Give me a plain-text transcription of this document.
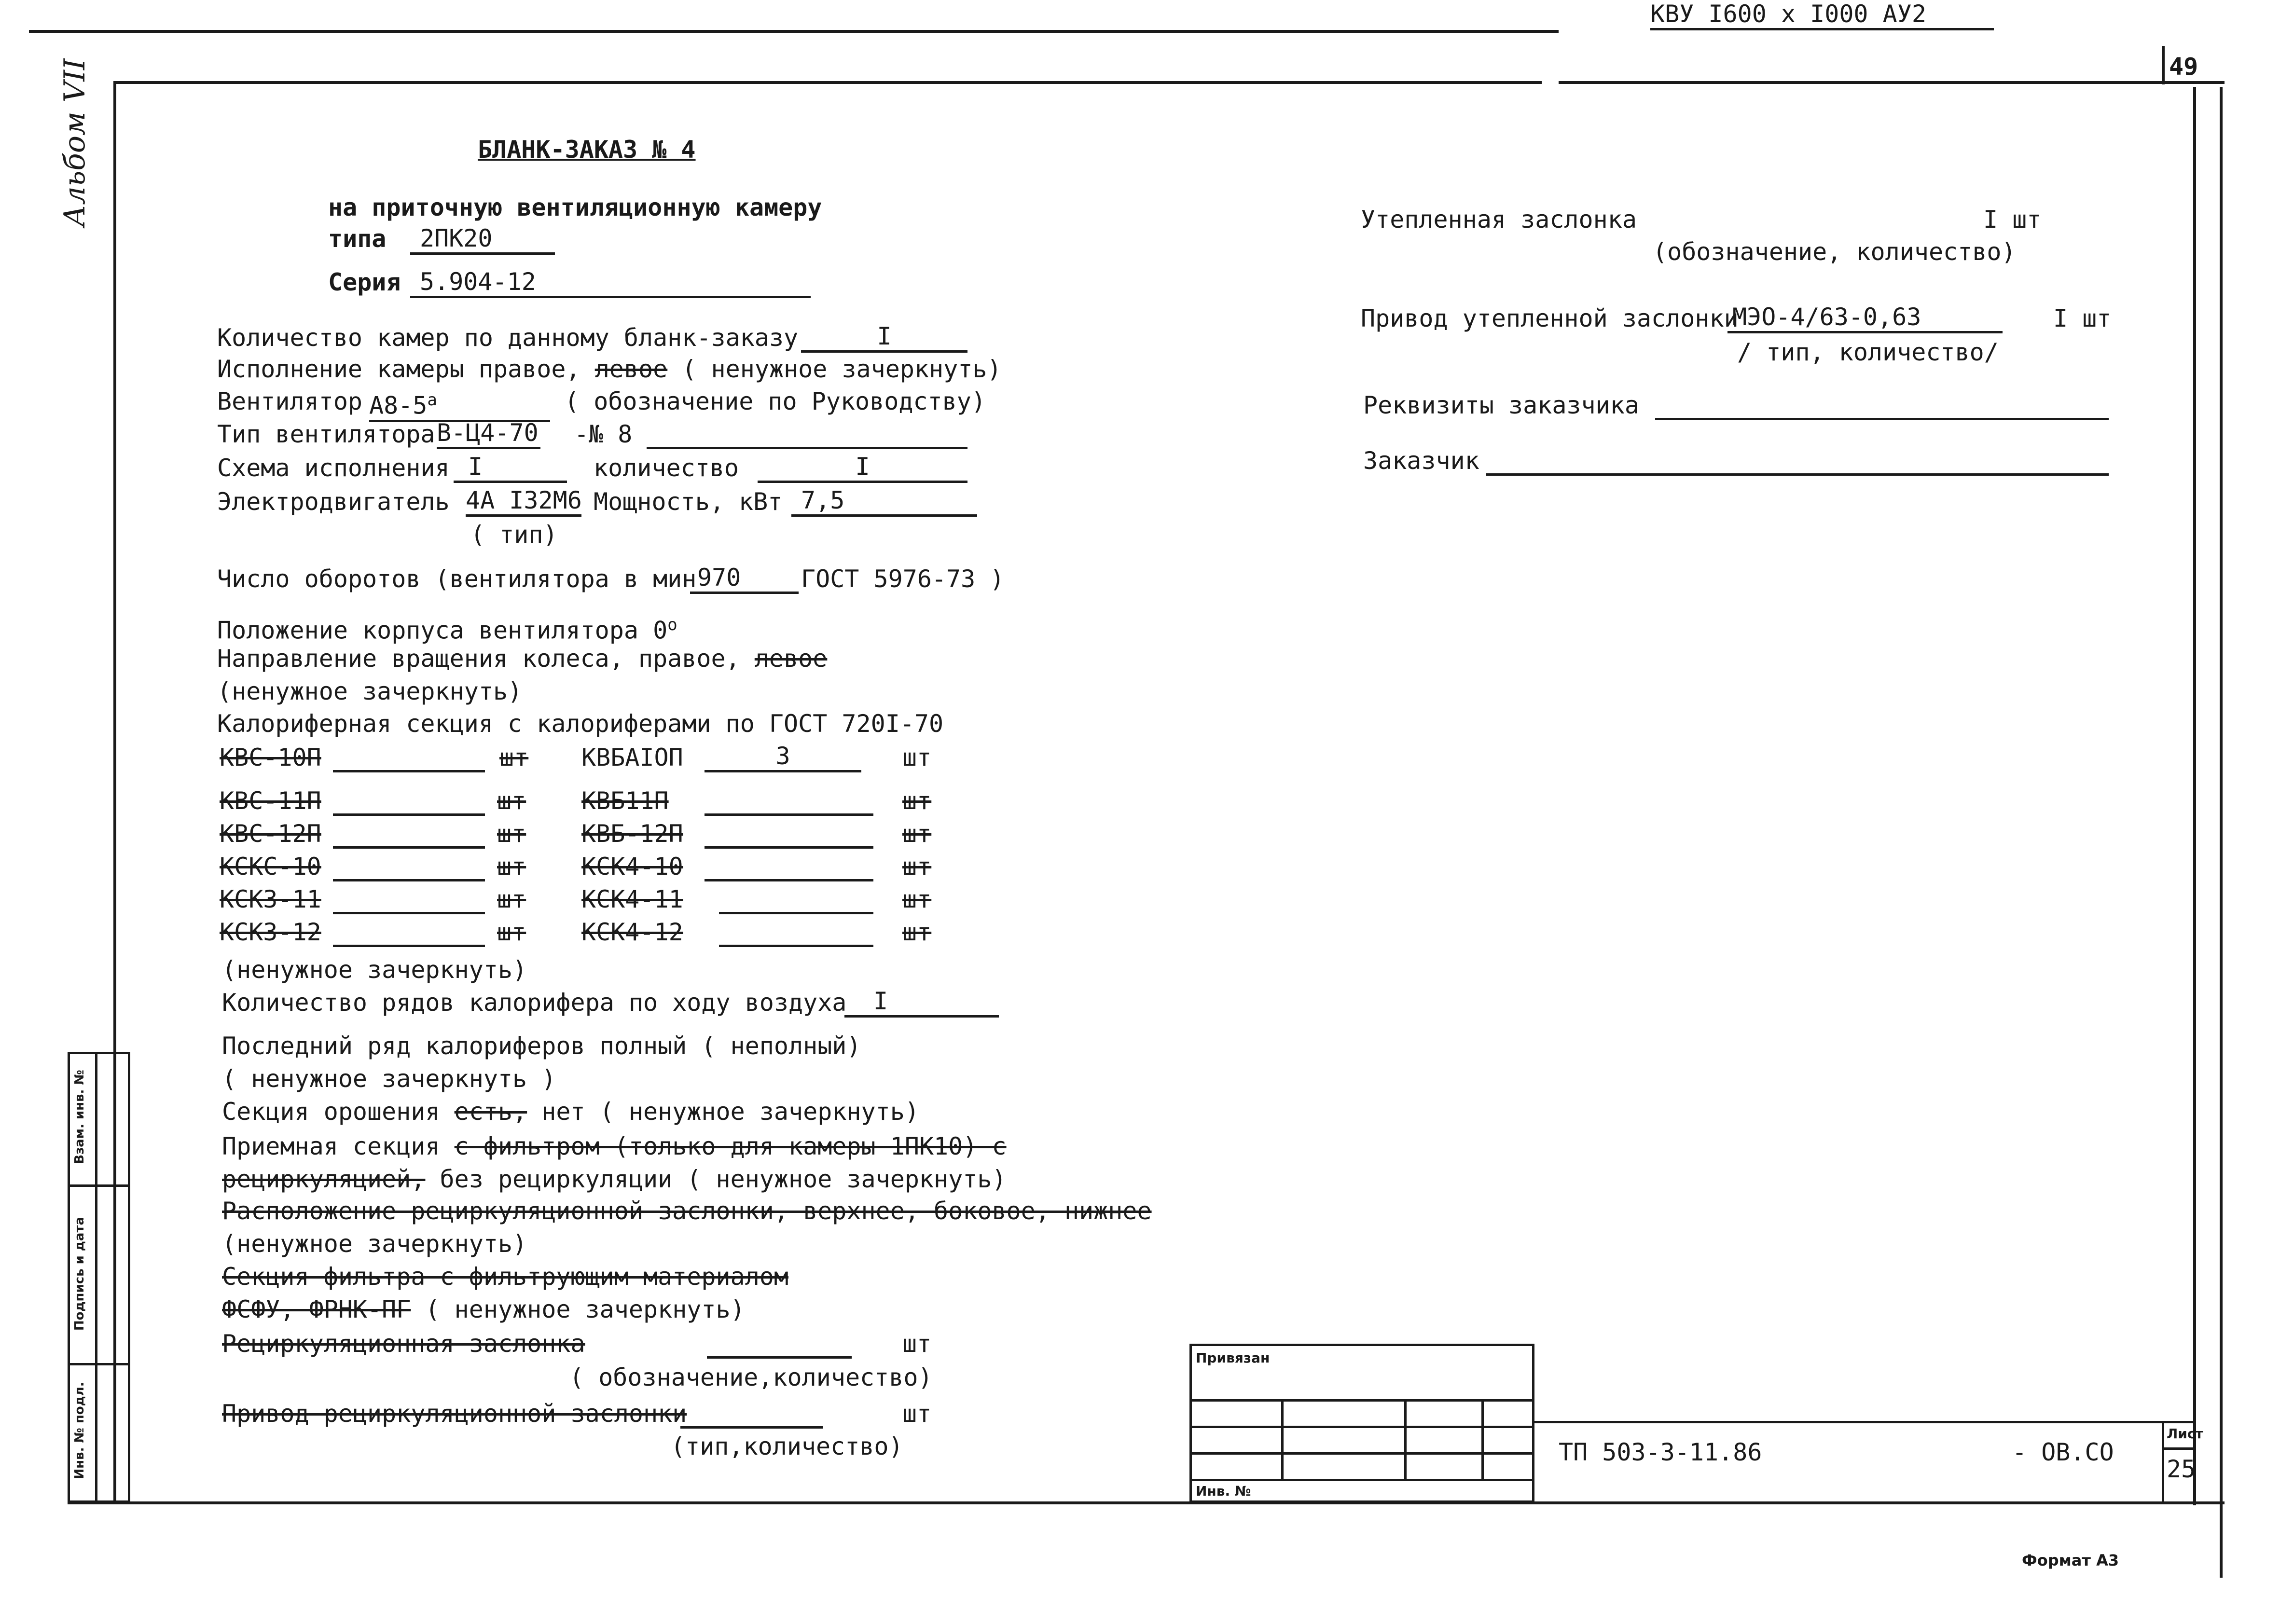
49
Альбом VII
Взам. инв. №
Подпись и дата
Инв. № подл.
БЛАНК-ЗАКАЗ № 4
на приточную вентиляционную камеру
типа	2ПК20
Серия 5.904-12
Количество камер по данному бланк-заказу	I
Исполнение камеры правое, левое ( ненужное зачеркнуть)
Вентилятор $А8-5^а$	( обозначение по Руководству)
Тип вентилятора В-Ц4-70 -№ 8
Схема исполнения I	количество	I
Электродвигатель 4А I32М6 Мощность, кВт 7,5
( тип)
Число оборотов (вентилятора в мин 970	ГОСТ 5976-73 )
Положение корпуса вентилятора $0^о$
Направление вращения колеса, правое, левое
(ненужное зачеркнуть)
Калориферная секция с калориферами по ГОСТ 720I-70
КВС-10П	шт КВБАIОП	3	шт
КВС-11П	шт КВБ11П	шт
КВС-12П	шт КВБ-12П	шт
КСКС-10	шт КСК4-10	шт
КСК3-11	шт КСК4-11	шт
КСК3-12	шт КСК4-12	шт
(ненужное зачеркнуть)
Количество рядов калорифера по ходу воздуха	I
Последний ряд калориферов полный ( неполный)
( ненужное зачеркнуть )
Секция орошения есть, нет ( ненужное зачеркнуть)
Приемная секция с фильтром (только для камеры 1ПК10) с рециркуляцией, без рециркуляции ( ненужное зачеркнуть)
Расположение рециркуляционной заслонки, верхнее, боковое, нижнее
(ненужное зачеркнуть)
Секция фильтра с фильтрующим материалом
ФСФУ, ФРНК-ПГ ( ненужное зачеркнуть)
Рециркуляционная заслонка	шт
( обозначение,количество)
Привод рециркуляционной заслонки	шт
(тип,количество)
Утепленная заслонка
КВУ I600 х I000 АУ2
I шт
(обозначение, количество)
Привод утепленной заслонки
МЭО-4/63-0,63	I шт
/ тип, количество/
Реквизиты заказчика
Заказчик
Привязан
Инв. №
ТП 503-3-11.86	- ОВ.СО
Лист
25
Формат А3
